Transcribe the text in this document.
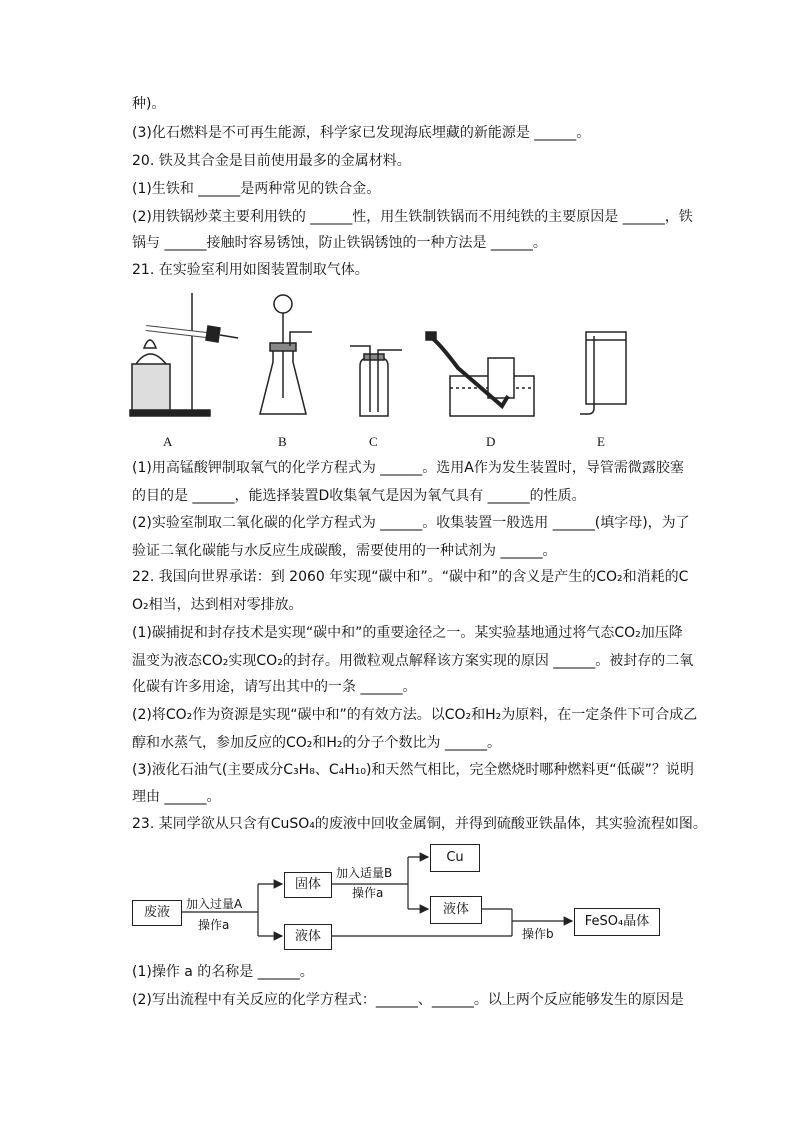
种)。
(3)化石燃料是不可再生能源，科学家已发现海底埋藏的新能源是 ______。
20. 铁及其合金是目前使用最多的金属材料。
(1)生铁和 ______是两种常见的铁合金。
(2)用铁锅炒菜主要利用铁的 ______性，用生铁制铁锅而不用纯铁的主要原因是 ______，铁
锅与 ______接触时容易锈蚀，防止铁锅锈蚀的一种方法是 ______。
21. 在实验室利用如图装置制取气体。
A	B	C	D	E
(1)用高锰酸钾制取氧气的化学方程式为 ______。选用A作为发生装置时，导管需微露胶塞
的目的是 ______，能选择装置D收集氧气是因为氧气具有 ______的性质。
(2)实验室制取二氧化碳的化学方程式为 ______。收集装置一般选用 ______(填字母)，为了
验证二氧化碳能与水反应生成碳酸，需要使用的一种试剂为 ______。
22. 我国向世界承诺：到 2060 年实现“碳中和”。“碳中和”的含义是产生的CO₂和消耗的C
O₂相当，达到相对零排放。
(1)碳捕捉和封存技术是实现“碳中和”的重要途径之一。某实验基地通过将气态CO₂加压降
温变为液态CO₂实现CO₂的封存。用微粒观点解释该方案实现的原因 ______。被封存的二氧
化碳有许多用途，请写出其中的一条 ______。
(2)将CO₂作为资源是实现“碳中和”的有效方法。以CO₂和H₂为原料，在一定条件下可合成乙
醇和水蒸气，参加反应的CO₂和H₂的分子个数比为 ______。
(3)液化石油气(主要成分C₃H₈、C₄H₁₀)和天然气相比，完全燃烧时哪种燃料更“低碳”？说明
理由 ______。
23. 某同学欲从只含有CuSO₄的废液中回收金属铜，并得到硫酸亚铁晶体，其实验流程如图。
废液
固体
液体
Cu
液体
FeSO₄晶体
加入过量A
操作a
加入适量B
操作a
操作b
(1)操作 a 的名称是 ______。
(2)写出流程中有关反应的化学方程式：______、______。以上两个反应能够发生的原因是
